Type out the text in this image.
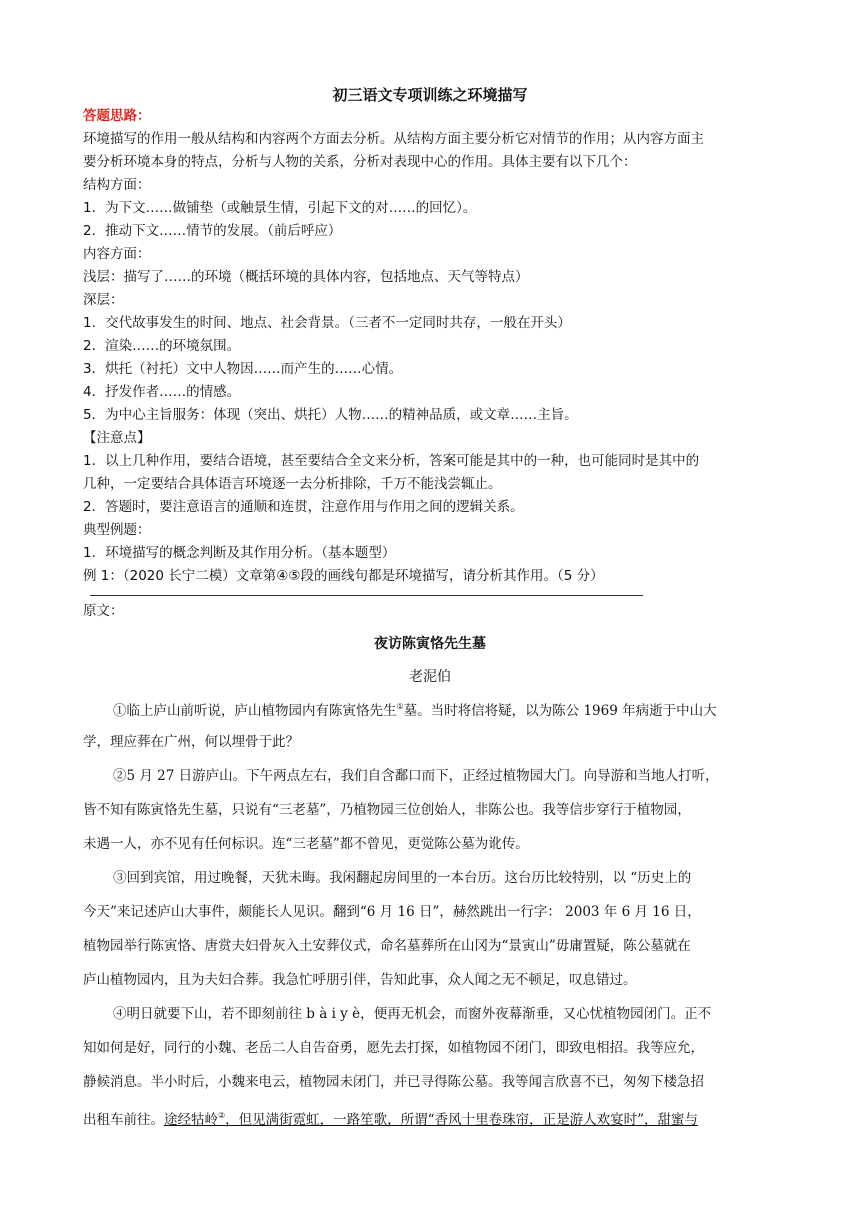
初三语文专项训练之环境描写
答题思路：
环境描写的作用一般从结构和内容两个方面去分析。从结构方面主要分析它对情节的作用；从内容方面主
要分析环境本身的特点，分析与人物的关系，分析对表现中心的作用。具体主要有以下几个：
结构方面：
1．为下文……做铺垫（或触景生情，引起下文的对……的回忆）。
2．推动下文……情节的发展。（前后呼应）
内容方面：
浅层：描写了……的环境（概括环境的具体内容，包括地点、天气等特点）
深层：
1．交代故事发生的时间、地点、社会背景。（三者不一定同时共存，一般在开头）
2．渲染……的环境氛围。
3．烘托（衬托）文中人物因……而产生的……心情。
4．抒发作者……的情感。
5．为中心主旨服务：体现（突出、烘托）人物……的精神品质，或文章……主旨。
【注意点】
1．以上几种作用，要结合语境，甚至要结合全文来分析，答案可能是其中的一种，也可能同时是其中的
几种，一定要结合具体语言环境逐一去分析排除，千万不能浅尝辄止。
2．答题时，要注意语言的通顺和连贯，注意作用与作用之间的逻辑关系。
典型例题：
1．环境描写的概念判断及其作用分析。（基本题型）
例 1：（2020 长宁二模）文章第④⑤段的画线句都是环境描写，请分析其作用。（5 分）
原文：
夜访陈寅恪先生墓
老泥伯
①临上庐山前听说，庐山植物园内有陈寅恪先生①墓。当时将信将疑，以为陈公 1969 年病逝于中山大
学，理应葬在广州，何以埋骨于此？
②5 月 27 日游庐山。下午两点左右，我们自含鄱口而下，正经过植物园大门。向导游和当地人打听，
皆不知有陈寅恪先生墓，只说有“三老墓”，乃植物园三位创始人，非陈公也。我等信步穿行于植物园，
未遇一人，亦不见有任何标识。连“三老墓”都不曾见，更觉陈公墓为讹传。
③回到宾馆，用过晚餐，天犹未晦。我闲翻起房间里的一本台历。这台历比较特别，以 “历史上的
今天”来记述庐山大事件，颇能长人见识。翻到“6 月 16 日”，赫然跳出一行字： 2003 年 6 月 16 日，
植物园举行陈寅恪、唐赏夫妇骨灰入土安葬仪式，命名墓葬所在山冈为“景寅山”毋庸置疑，陈公墓就在
庐山植物园内，且为夫妇合葬。我急忙呼朋引伴，告知此事，众人闻之无不顿足，叹息错过。
④明日就要下山，若不即刻前往 b à i y è，便再无机会，而窗外夜幕渐垂，又心忧植物园闭门。正不
知如何是好，同行的小魏、老岳二人自告奋勇，愿先去打探，如植物园不闭门，即致电相招。我等应允，
静候消息。半小时后，小魏来电云，植物园未闭门，并已寻得陈公墓。我等闻言欣喜不已，匆匆下楼急招
出租车前往。途经牯岭②，但见满街霓虹，一路笙歌，所谓“香风十里卷珠帘，正是游人欢宴时”，甜蜜与
